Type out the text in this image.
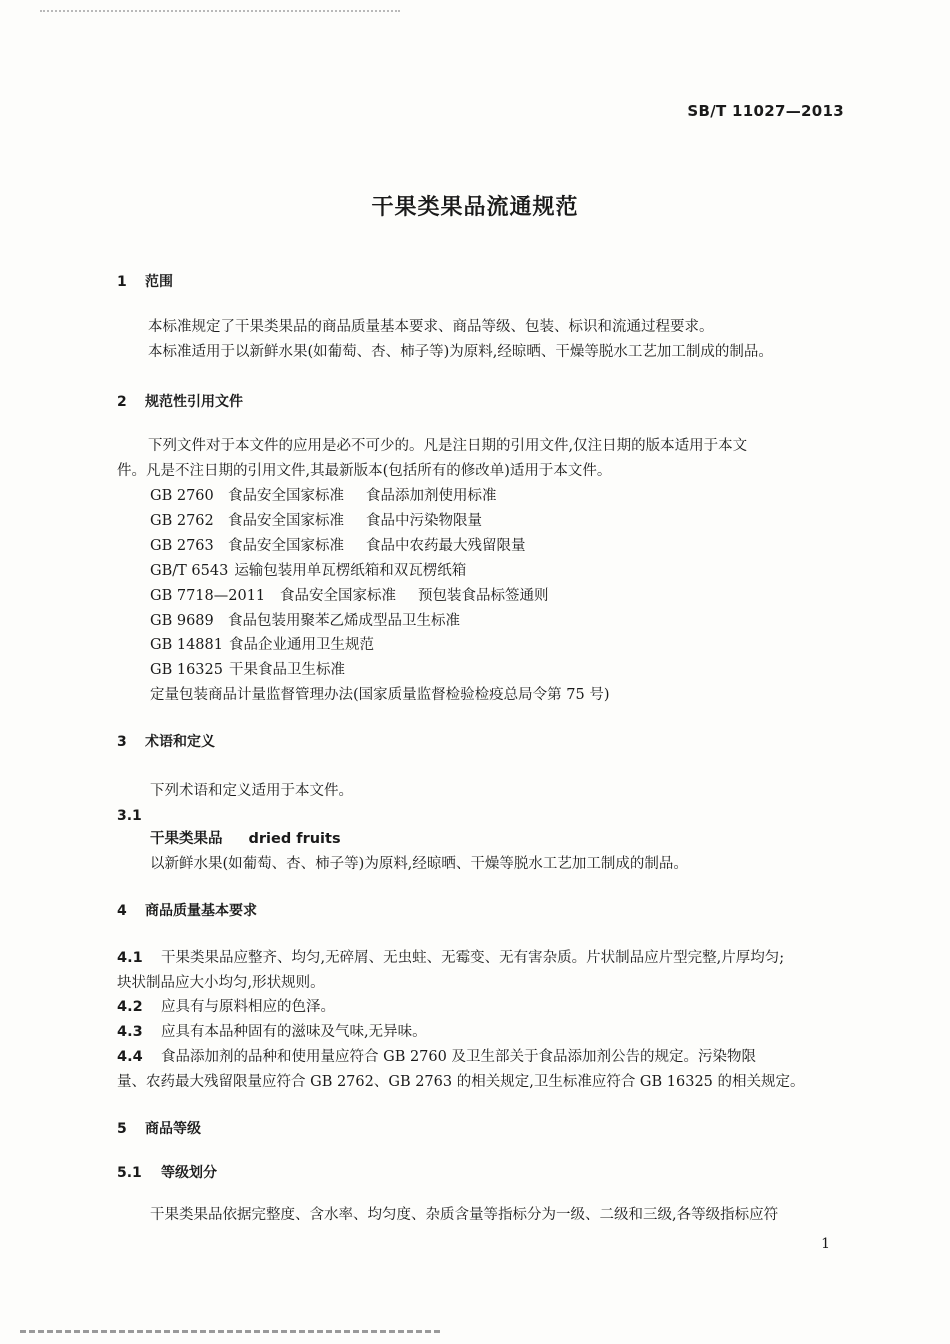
SB/T 11027—2013
干果类果品流通规范
1 范围
本标准规定了干果类果品的商品质量基本要求、商品等级、包装、标识和流通过程要求。
本标准适用于以新鲜水果(如葡萄、杏、柿子等)为原料,经晾晒、干燥等脱水工艺加工制成的制品。
2 规范性引用文件
下列文件对于本文件的应用是必不可少的。凡是注日期的引用文件,仅注日期的版本适用于本文
件。凡是不注日期的引用文件,其最新版本(包括所有的修改单)适用于本文件。
GB 2760 食品安全国家标准 食品添加剂使用标准
GB 2762 食品安全国家标准 食品中污染物限量
GB 2763 食品安全国家标准 食品中农药最大残留限量
GB/T 6543 运输包装用单瓦楞纸箱和双瓦楞纸箱
GB 7718—2011 食品安全国家标准 预包装食品标签通则
GB 9689 食品包装用聚苯乙烯成型品卫生标准
GB 14881 食品企业通用卫生规范
GB 16325 干果食品卫生标准
定量包装商品计量监督管理办法(国家质量监督检验检疫总局令第 75 号)
3 术语和定义
下列术语和定义适用于本文件。
3.1
干果类果品 dried fruits
以新鲜水果(如葡萄、杏、柿子等)为原料,经晾晒、干燥等脱水工艺加工制成的制品。
4 商品质量基本要求
4.1 干果类果品应整齐、均匀,无碎屑、无虫蛀、无霉变、无有害杂质。片状制品应片型完整,片厚均匀;
块状制品应大小均匀,形状规则。
4.2 应具有与原料相应的色泽。
4.3 应具有本品种固有的滋味及气味,无异味。
4.4 食品添加剂的品种和使用量应符合 GB 2760 及卫生部关于食品添加剂公告的规定。污染物限
量、农药最大残留限量应符合 GB 2762、GB 2763 的相关规定,卫生标准应符合 GB 16325 的相关规定。
5 商品等级
5.1 等级划分
干果类果品依据完整度、含水率、均匀度、杂质含量等指标分为一级、二级和三级,各等级指标应符
1
